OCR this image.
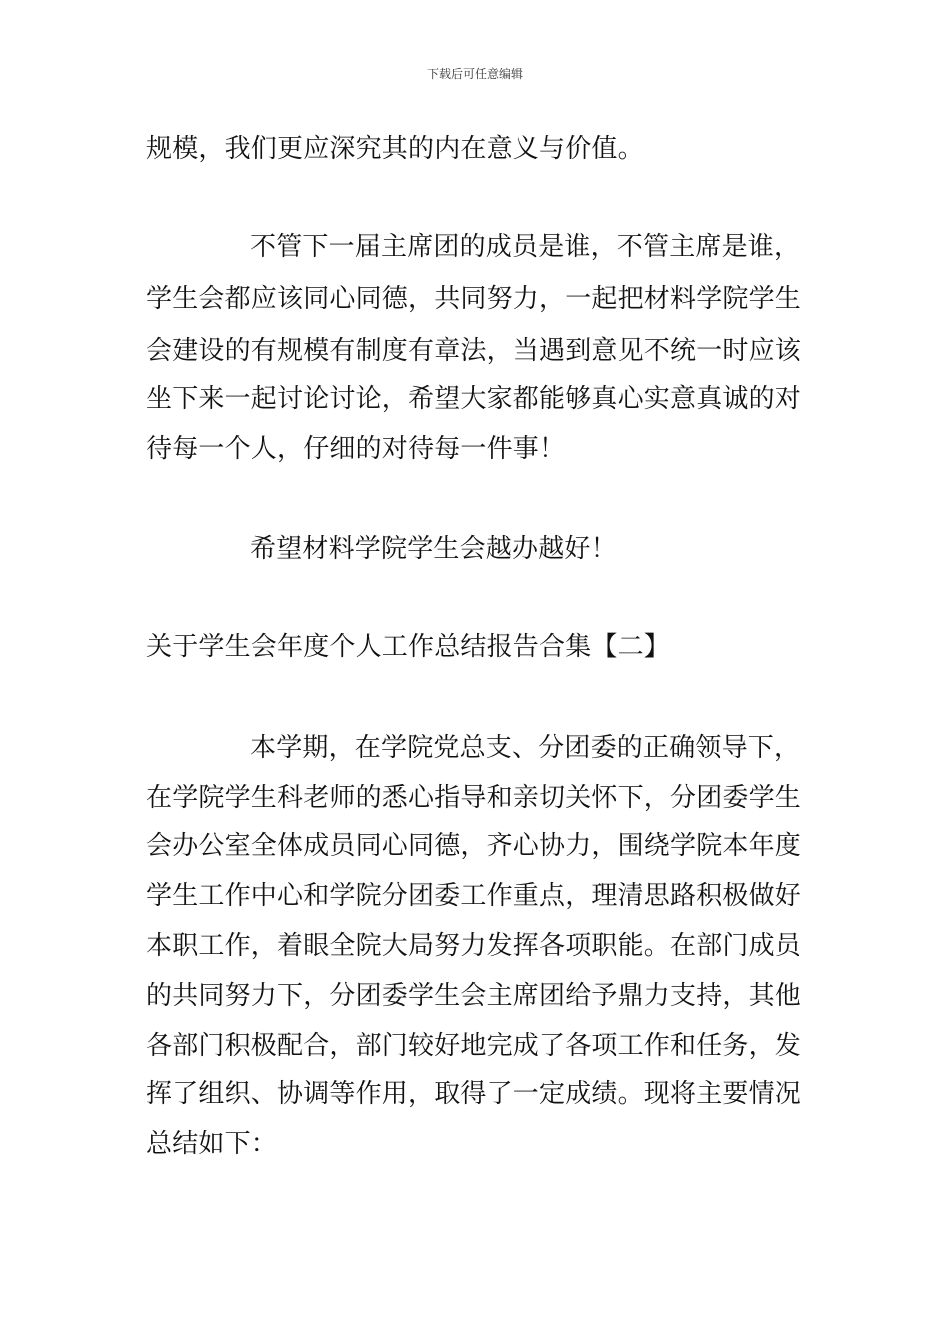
下载后可任意编辑
规模，我们更应深究其的内在意义与价值。
不管下一届主席团的成员是谁，不管主席是谁，
学生会都应该同心同德，共同努力，一起把材料学院学生
会建设的有规模有制度有章法，当遇到意见不统一时应该
坐下来一起讨论讨论，希望大家都能够真心实意真诚的对
待每一个人，仔细的对待每一件事！
希望材料学院学生会越办越好！
关于学生会年度个人工作总结报告合集【二】
本学期，在学院党总支、分团委的正确领导下，
在学院学生科老师的悉心指导和亲切关怀下，分团委学生
会办公室全体成员同心同德，齐心协力，围绕学院本年度
学生工作中心和学院分团委工作重点，理清思路积极做好
本职工作，着眼全院大局努力发挥各项职能。在部门成员
的共同努力下，分团委学生会主席团给予鼎力支持，其他
各部门积极配合，部门较好地完成了各项工作和任务，发
挥了组织、协调等作用，取得了一定成绩。现将主要情况
总结如下：
